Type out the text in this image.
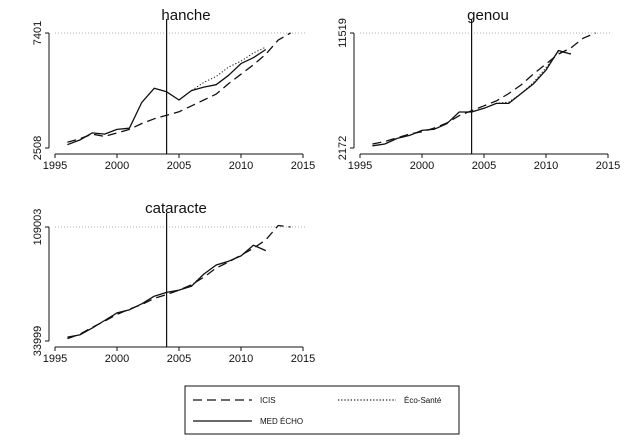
hanche
1995	2000	2005	2010	2015
2508
7401
genou
1995	2000	2005	2010	2015
2172
11519
cataracte
1995	2000	2005	2010	2015
33999
109003
ICIS	Éco-Santé
MED ÉCHO
